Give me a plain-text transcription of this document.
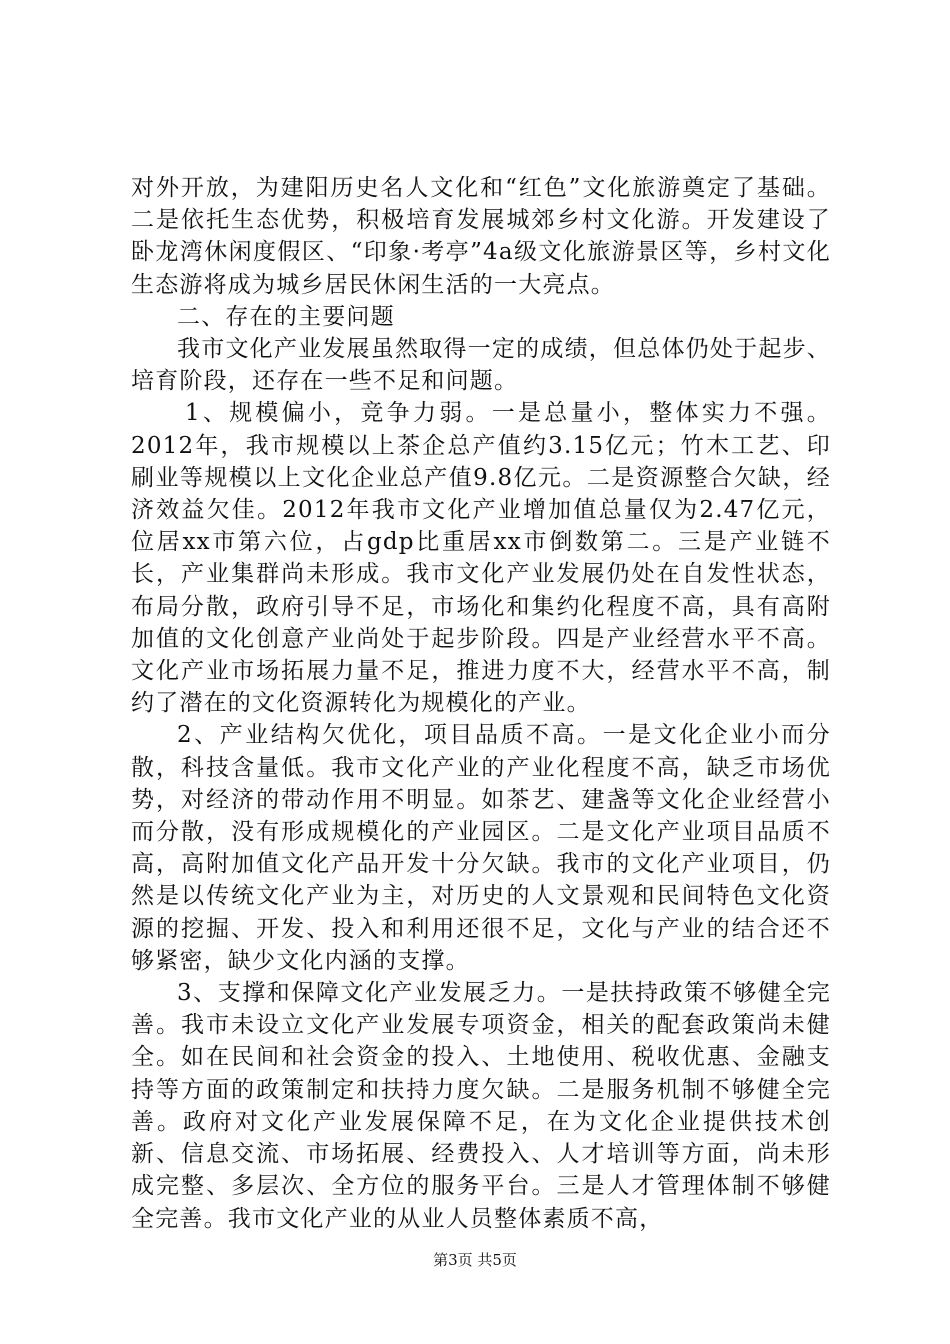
对外开放，为建阳历史名人文化和“红色”文化旅游奠定了基础。二是依托生态优势，积极培育发展城郊乡村文化游。开发建设了卧龙湾休闲度假区、“印象·考亭”4a级文化旅游景区等，乡村文化生态游将成为城乡居民休闲生活的一大亮点。

二、存在的主要问题

我市文化产业发展虽然取得一定的成绩，但总体仍处于起步、培育阶段，还存在一些不足和问题。

1、规模偏小，竞争力弱。一是总量小，整体实力不强。2012年，我市规模以上茶企总产值约3.15亿元；竹木工艺、印刷业等规模以上文化企业总产值9.8亿元。二是资源整合欠缺，经济效益欠佳。2012年我市文化产业增加值总量仅为2.47亿元，位居xx市第六位，占gdp比重居xx市倒数第二。三是产业链不长，产业集群尚未形成。我市文化产业发展仍处在自发性状态，布局分散，政府引导不足，市场化和集约化程度不高，具有高附加值的文化创意产业尚处于起步阶段。四是产业经营水平不高。文化产业市场拓展力量不足，推进力度不大，经营水平不高，制约了潜在的文化资源转化为规模化的产业。

2、产业结构欠优化，项目品质不高。一是文化企业小而分散，科技含量低。我市文化产业的产业化程度不高，缺乏市场优势，对经济的带动作用不明显。如茶艺、建盏等文化企业经营小而分散，没有形成规模化的产业园区。二是文化产业项目品质不高，高附加值文化产品开发十分欠缺。我市的文化产业项目，仍然是以传统文化产业为主，对历史的人文景观和民间特色文化资源的挖掘、开发、投入和利用还很不足，文化与产业的结合还不够紧密，缺少文化内涵的支撑。

3、支撑和保障文化产业发展乏力。一是扶持政策不够健全完善。我市未设立文化产业发展专项资金，相关的配套政策尚未健全。如在民间和社会资金的投入、土地使用、税收优惠、金融支持等方面的政策制定和扶持力度欠缺。二是服务机制不够健全完善。政府对文化产业发展保障不足，在为文化企业提供技术创新、信息交流、市场拓展、经费投入、人才培训等方面，尚未形成完整、多层次、全方位的服务平台。三是人才管理体制不够健全完善。我市文化产业的从业人员整体素质不高，

第3页 共5页
